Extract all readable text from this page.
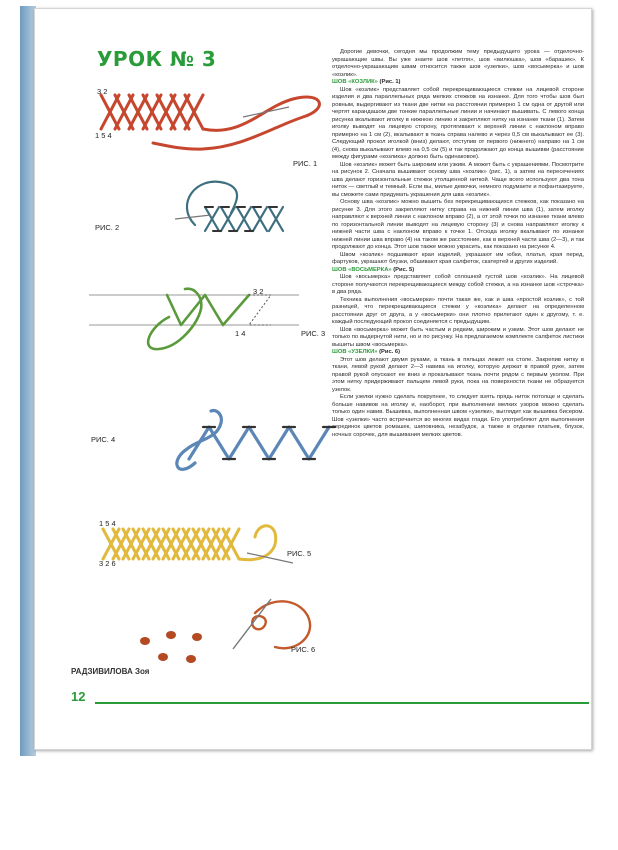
УРОК № 3
3 2
1 5 4
РИС. 1
РИС. 2
3 2
1 4	РИС. 3
РИС. 4
1 5 4
3 2 6
РИС. 5
РИС. 6
РАДЗИВИЛОВА Зоя
12

Дорогие девочки, сегодня мы продолжим тему предыдущего урока — отделочно-украшающие швы. Вы уже знаете шов «петля», шов «вилюшка», шов «барашек». К отделочно-украшающим швам относится также шов «узелки», шов «восьмерка» и шов «козлик».

ШОВ «КОЗЛИК» (Рис. 1)

Шов «козлик» представляет собой перекрещивающиеся стежки на лицевой стороне изделия и два параллельных ряда мелких стежков на изнанке. Для того чтобы шов был ровным, выдергивают из ткани две нитки на расстоянии примерно 1 см одна от другой или чертят карандашом две тонкие параллельные линии и начинают вышивать. С левого конца рисунка вкалывают иголку в нижнюю линию и закрепляют нитку на изнанке ткани (1). Затем иголку выводят на лицевую сторону, протягивают к верхней линии с наклоном вправо примерно на 1 см (2), вкалывают в ткань справа налево и через 0,5 см выкалывают ее (3). Следующий прокол иголкой (вниз) делают, отступив от первого (нижнего) направо на 1 см (4), снова выкалывают влево на 0,5 см (5) и так продолжают до конца вышивки (расстояние между фигурами «козлика» должно быть одинаковое).

Шов «козлик» может быть широким или узким. А может быть с украшениями. Посмотрите на рисунок 2. Сначала вышивают основу шва «козлик» (рис. 1), а затем на пересечениях шва делают горизонтальные стежки утолщенной ниткой. Чаще всего используют два тона ниток — светлый и темный. Если вы, милые девочки, немного подумаете и пофантазируете, вы сможете сами придумать украшения для шва «козлик».

Основу шва «козлик» можно вышить без перекрещивающихся стежков, как показано на рисунке 3. Для этого закрепляют нитку справа на нижней линии шва (1), затем иголку направляют к верхней линии с наклоном вправо (2), а от этой точки по изнанке ткани влево по горизонтальной линии выводят на лицевую сторону (3) и снова направляют иголку к нижней части шва с наклоном вправо к точке 1. Отсюда иголку вкалывают по изнанке нижней линии шва вправо (4) на таком же расстояние, как в верхней части шва (2—3), и так продолжают до конца. Этот шов также можно украсить, как показано на рисунке 4.

Швом «козлик» подшивают края изделий, украшают им юбки, платья, края перед, фартуков, украшают блузки, обшивают края салфеток, скатертей и других изделий.

ШОВ «ВОСЬМЕРКА» (Рис. 5)

Шов «восьмерка» представляет собой сплошной густой шов «козлик». На лицевой стороне получаются перекрещивающиеся между собой стежки, а на изнанке шов «строчка» в два ряда.

Техника выполнения «восьмерки» почти такая же, как и шва «простой козлик», с той разницей, что перекрещивающиеся стежки у «козлика» делают на определенном расстоянии друг от друга, а у «восьмерки» они плотно прилегают один к другому, т. е. каждый последующий прокол соединяется с предыдущим.

Шов «восьмерка» может быть частым и редким, широким и узким. Этот шов делают не только по выдернутой нити, но и по рисунку. На предлагаемом комплекте салфеток листики вышиты швом «восьмерка».

ШОВ «УЗЕЛКИ» (Рис. 6)

Этот шов делают двумя руками, а ткань в пяльцах лежит на столе. Закрепив нитку в ткани, левой рукой делают 2—3 навива на иголку, которую держат в правой руке, затем правой рукой опускают ее вниз и прокалывают ткань почти рядом с первым уколом. При этом нитку придерживают пальцем левой руки, пока на поверхности ткани не образуется узелок.

Если узелки нужно сделать покрупнее, то следует взять прядь ниток потолще и сделать больше навивов на иголку и, наоборот, при выполнении мелких узоров можно сделать только один навив. Вышивка, выполненная швом «узелки», выглядит как вышивка бисером. Шов «узелки» часто встречается во многих видах глади. Его употребляют для выполнения серединок цветов ромашек, шиповника, незабудок, а также в отделке платьев, блузок, ночных сорочек, для вышивания мелких цветов.
